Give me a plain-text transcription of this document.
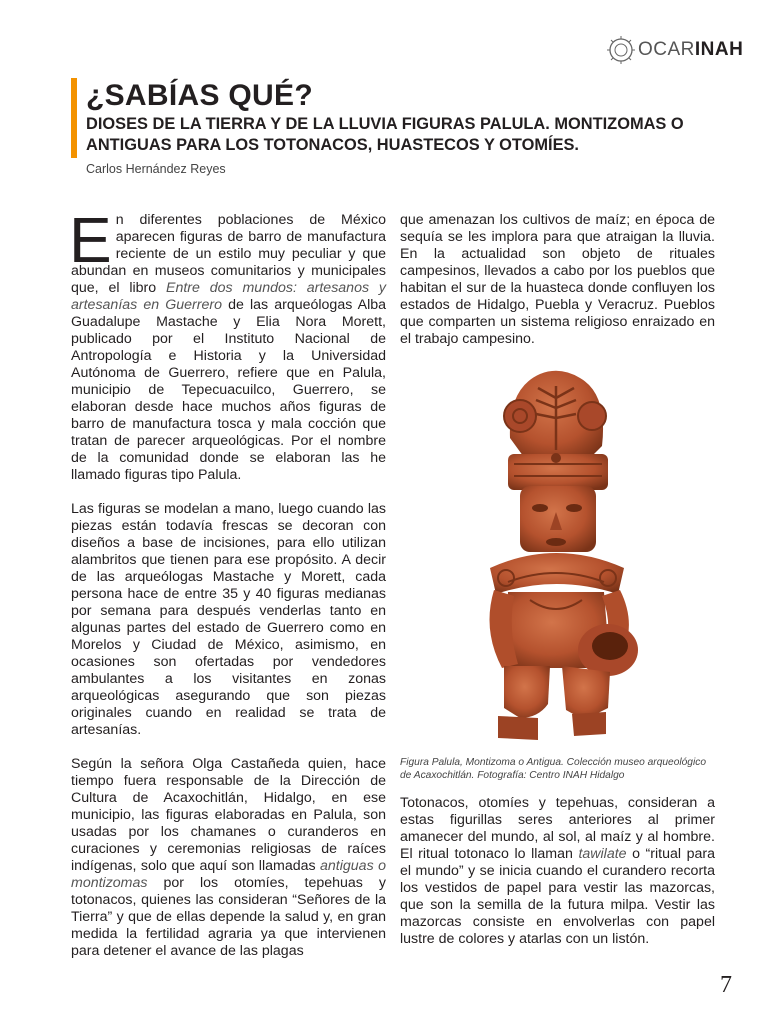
OCARINAH
¿SABÍAS QUÉ?
DIOSES DE LA TIERRA Y DE LA LLUVIA FIGURAS PALULA. MONTIZOMAS O ANTIGUAS PARA LOS TOTONACOS, HUASTECOS Y OTOMÍES.
Carlos Hernández Reyes

En diferentes poblaciones de México aparecen figuras de barro de manufactura reciente de un estilo muy peculiar y que abundan en museos comunitarios y municipales que, el libro Entre dos mundos: artesanos y artesanías en Guerrero de las arqueólogas Alba Guadalupe Mastache y Elia Nora Morett, publicado por el Instituto Nacional de Antropología e Historia y la Universidad Autónoma de Guerrero, refiere que en Palula, municipio de Tepecuacuilco, Guerrero, se elaboran desde hace muchos años figuras de barro de manufactura tosca y mala cocción que tratan de parecer arqueológicas. Por el nombre de la comunidad donde se elaboran las he llamado figuras tipo Palula.

Las figuras se modelan a mano, luego cuando las piezas están todavía frescas se decoran con diseños a base de incisiones, para ello utilizan alambritos que tienen para ese propósito. A decir de las arqueólogas Mastache y Morett, cada persona hace de entre 35 y 40 figuras medianas por semana para después venderlas tanto en algunas partes del estado de Guerrero como en Morelos y Ciudad de México, asimismo, en ocasiones son ofertadas por vendedores ambulantes a los visitantes en zonas arqueológicas asegurando que son piezas originales cuando en realidad se trata de artesanías.

Según la señora Olga Castañeda quien, hace tiempo fuera responsable de la Dirección de Cultura de Acaxochitlán, Hidalgo, en ese municipio, las figuras elaboradas en Palula, son usadas por los chamanes o curanderos en curaciones y ceremonias religiosas de raíces indígenas, solo que aquí son llamadas antiguas o montizomas por los otomíes, tepehuas y totonacos, quienes las consideran “Señores de la Tierra” y que de ellas depende la salud y, en gran medida la fertilidad agraria ya que intervienen para detener el avance de las plagas

que amenazan los cultivos de maíz; en época de sequía se les implora para que atraigan la lluvia. En la actualidad son objeto de rituales campesinos, llevados a cabo por los pueblos que habitan el sur de la huasteca donde confluyen los estados de Hidalgo, Puebla y Veracruz. Pueblos que comparten un sistema religioso enraizado en el trabajo campesino.

Figura Palula, Montizoma o Antigua. Colección museo arqueológico de Acaxochitlán. Fotografía: Centro INAH Hidalgo

Totonacos, otomíes y tepehuas, consideran a estas figurillas seres anteriores al primer amanecer del mundo, al sol, al maíz y al hombre. El ritual totonaco lo llaman tawilate o “ritual para el mundo” y se inicia cuando el curandero recorta los vestidos de papel para vestir las mazorcas, que son la semilla de la futura milpa. Vestir las mazorcas consiste en envolverlas con papel lustre de colores y atarlas con un listón.

7
